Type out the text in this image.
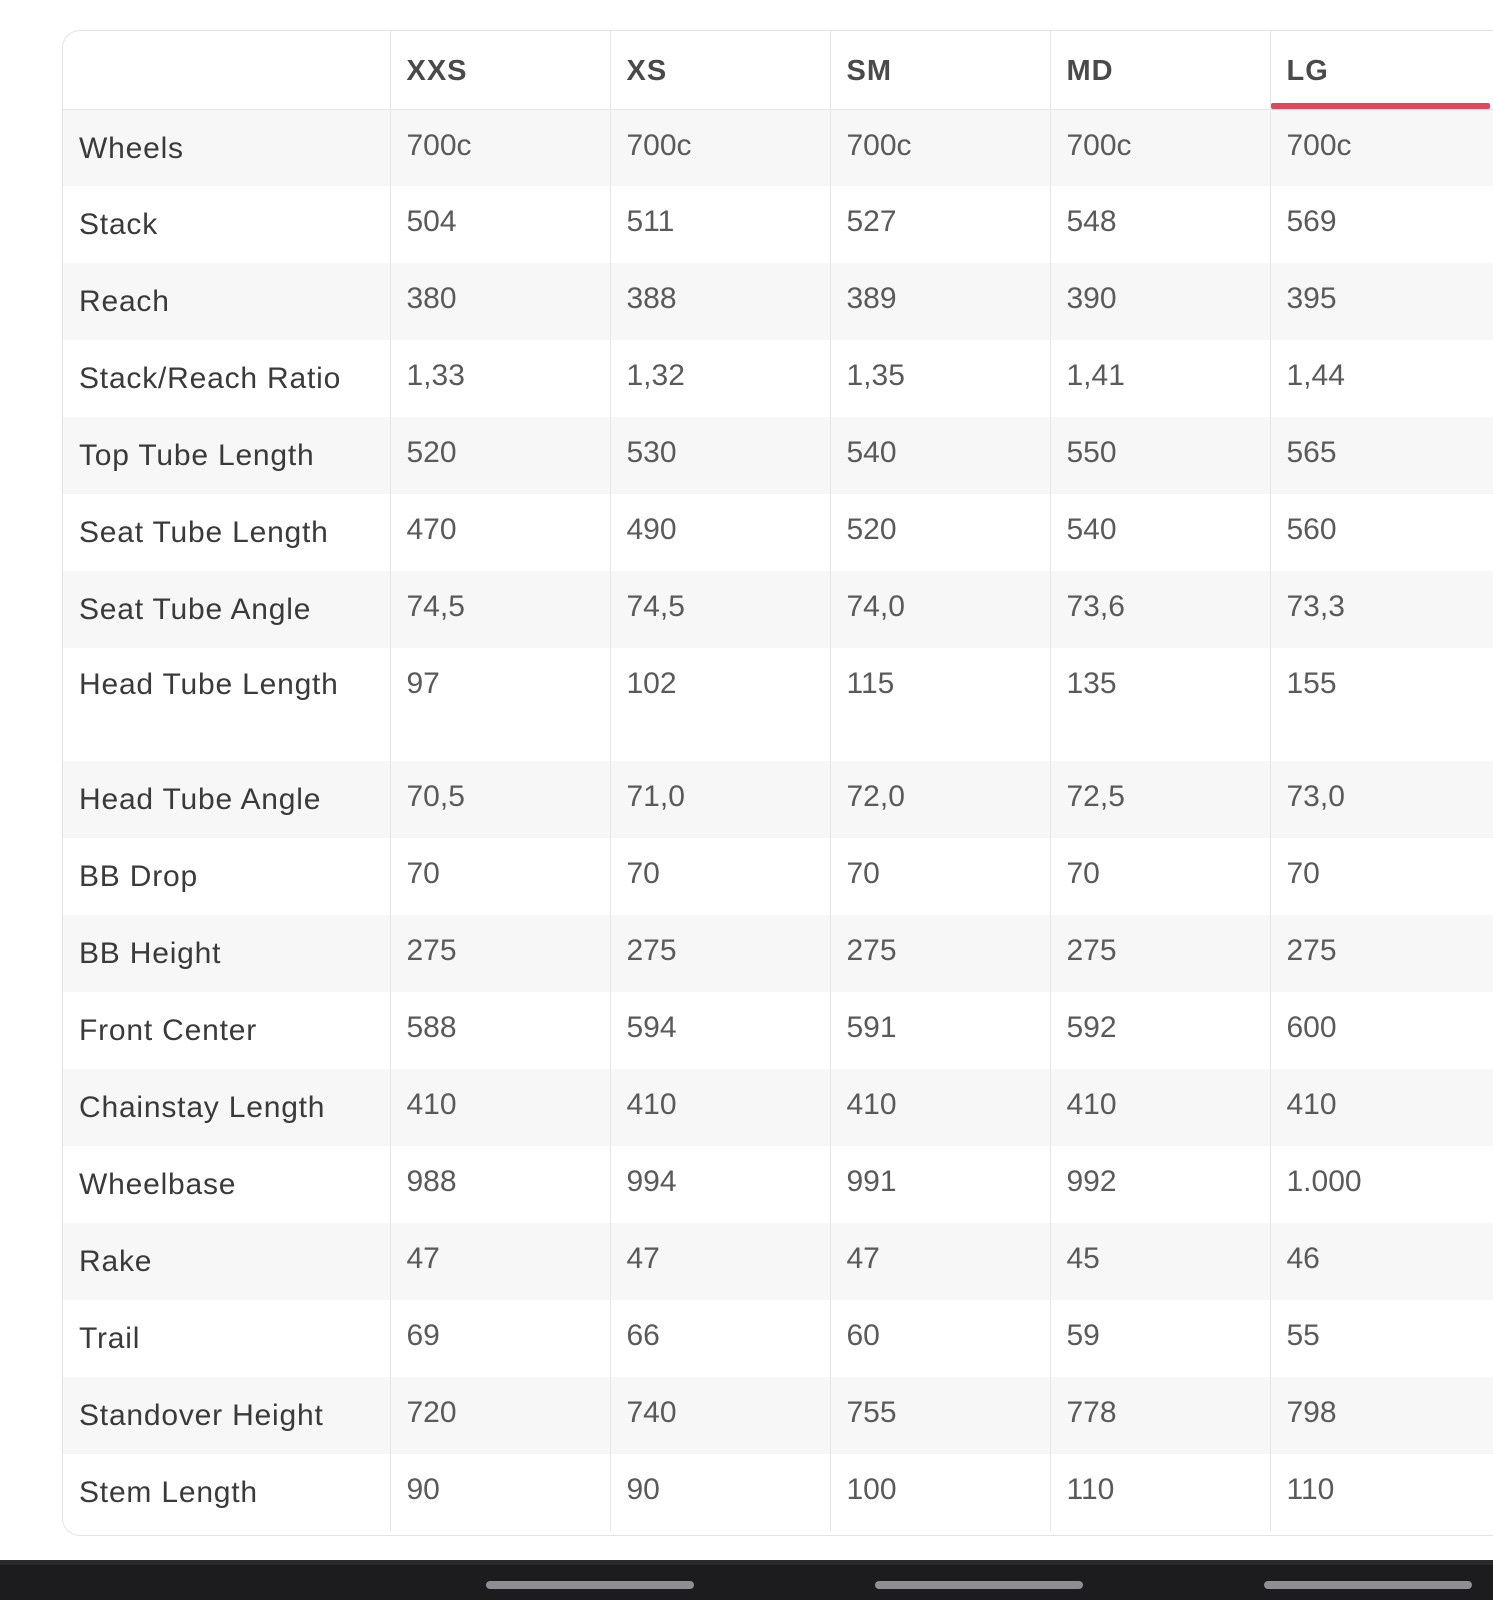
	XXS	XS	SM	MD	LG
Wheels	700c	700c	700c	700c	700c
Stack	504	511	527	548	569
Reach	380	388	389	390	395
Stack/Reach Ratio	1,33	1,32	1,35	1,41	1,44
Top Tube Length	520	530	540	550	565
Seat Tube Length	470	490	520	540	560
Seat Tube Angle	74,5	74,5	74,0	73,6	73,3
Head Tube Length	97	102	115	135	155
Head Tube Angle	70,5	71,0	72,0	72,5	73,0
BB Drop	70	70	70	70	70
BB Height	275	275	275	275	275
Front Center	588	594	591	592	600
Chainstay Length	410	410	410	410	410
Wheelbase	988	994	991	992	1.000
Rake	47	47	47	45	46
Trail	69	66	60	59	55
Standover Height	720	740	755	778	798
Stem Length	90	90	100	110	110
